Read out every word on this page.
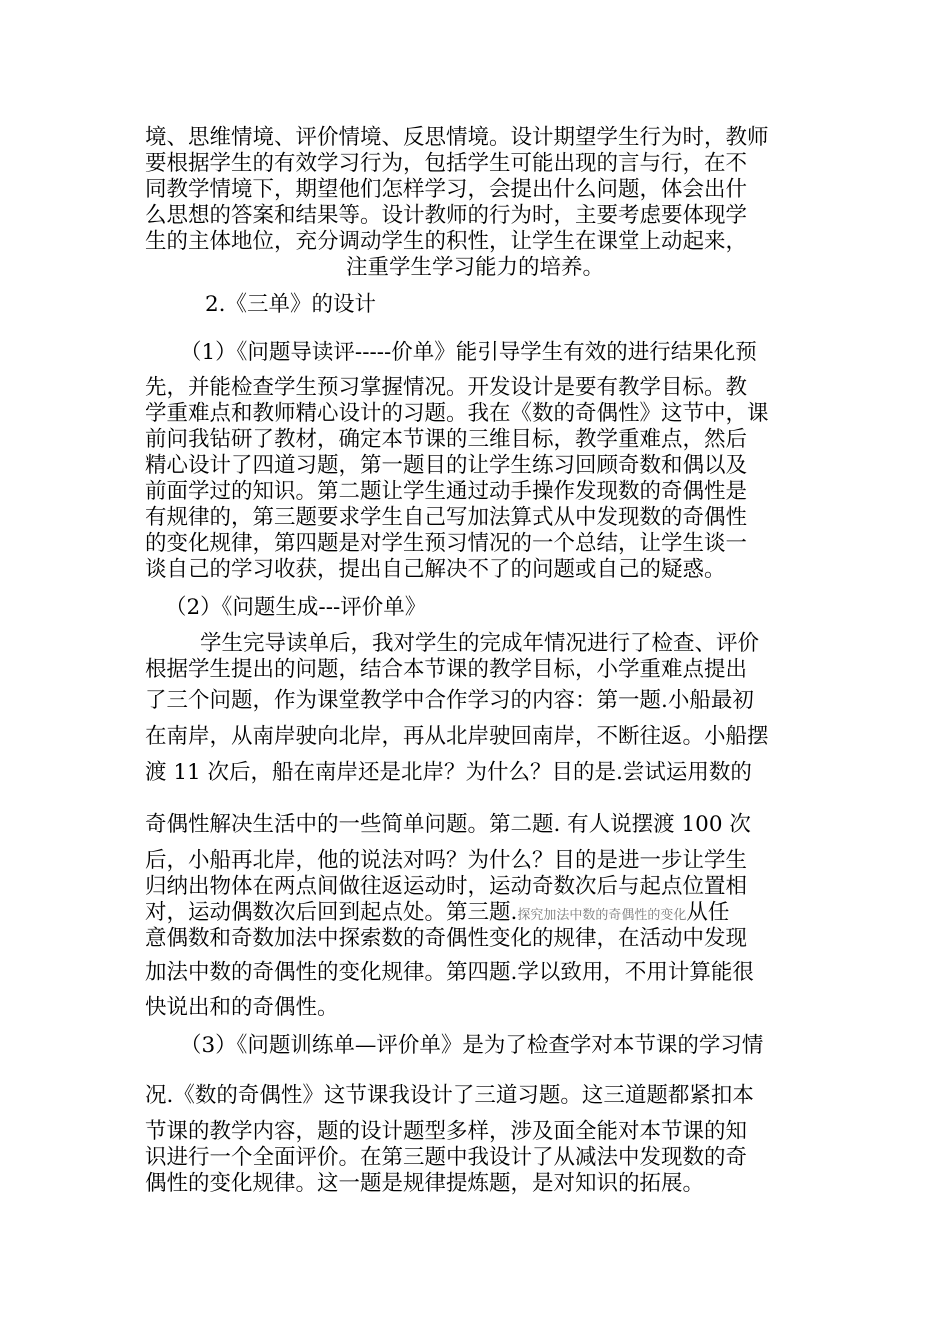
境、思维情境、评价情境、反思情境。设计期望学生行为时，教师
要根据学生的有效学习行为，包括学生可能出现的言与行，在不
同教学情境下，期望他们怎样学习，会提出什么问题，体会出什
么思想的答案和结果等。设计教师的行为时，主要考虑要体现学
生的主体地位，充分调动学生的积性，让学生在课堂上动起来，
注重学生学习能力的培养。
2.《三单》的设计
（1）《问题导读评-----价单》能引导学生有效的进行结果化预
先，并能检查学生预习掌握情况。开发设计是要有教学目标。教
学重难点和教师精心设计的习题。我在《数的奇偶性》这节中，课
前问我钻研了教材，确定本节课的三维目标，教学重难点，然后
精心设计了四道习题，第一题目的让学生练习回顾奇数和偶以及
前面学过的知识。第二题让学生通过动手操作发现数的奇偶性是
有规律的，第三题要求学生自己写加法算式从中发现数的奇偶性
的变化规律，第四题是对学生预习情况的一个总结，让学生谈一
谈自己的学习收获，提出自己解决不了的问题或自己的疑惑。
（2）《问题生成---评价单》
学生完导读单后，我对学生的完成年情况进行了检查、评价
根据学生提出的问题，结合本节课的教学目标，小学重难点提出
了三个问题，作为课堂教学中合作学习的内容：第一题.小船最初
在南岸，从南岸驶向北岸，再从北岸驶回南岸，不断往返。小船摆
渡 11 次后，船在南岸还是北岸？为什么？目的是.尝试运用数的
奇偶性解决生活中的一些简单问题。第二题. 有人说摆渡 100 次
后，小船再北岸，他的说法对吗？为什么？目的是进一步让学生
归纳出物体在两点间做往返运动时，运动奇数次后与起点位置相
对，运动偶数次后回到起点处。第三题.探究加法中数的奇偶性的变化从任
意偶数和奇数加法中探索数的奇偶性变化的规律，在活动中发现
加法中数的奇偶性的变化规律。第四题.学以致用，不用计算能很
快说出和的奇偶性。
（3）《问题训练单—评价单》是为了检查学对本节课的学习情
况.《数的奇偶性》这节课我设计了三道习题。这三道题都紧扣本
节课的教学内容，题的设计题型多样，涉及面全能对本节课的知
识进行一个全面评价。在第三题中我设计了从减法中发现数的奇
偶性的变化规律。这一题是规律提炼题，是对知识的拓展。
